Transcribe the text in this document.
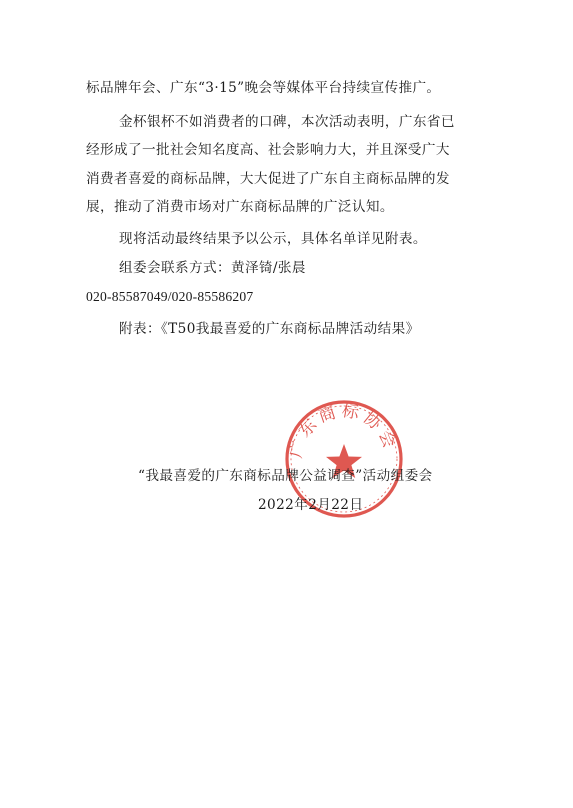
标品牌年会、广东“3·15”晚会等媒体平台持续宣传推广。
金杯银杯不如消费者的口碑，本次活动表明，广东省已
经形成了一批社会知名度高、社会影响力大，并且深受广大
消费者喜爱的商标品牌，大大促进了广东自主商标品牌的发
展，推动了消费市场对广东商标品牌的广泛认知。
现将活动最终结果予以公示，具体名单详见附表。
组委会联系方式：黄泽锜/张晨
020-85587049/020-85586207
附表：《T50我最喜爱的广东商标品牌活动结果》
广东商标协会
“我最喜爱的广东商标品牌公益调查”活动组委会
2022年2月22日
